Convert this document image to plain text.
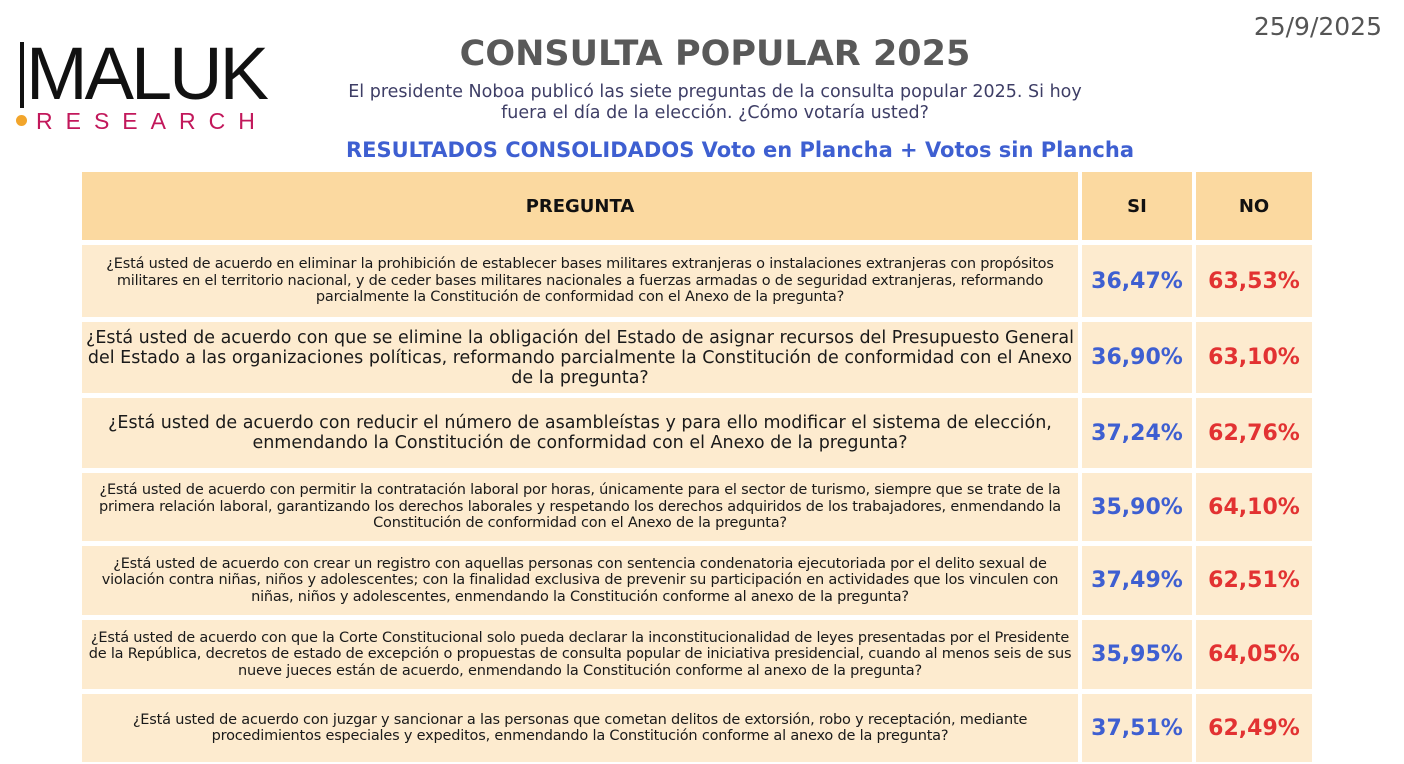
25/9/2025
MALUK
RESEARCH
CONSULTA POPULAR 2025
El presidente Noboa publicó las siete preguntas de la consulta popular 2025. Si hoy fuera el día de la elección. ¿Cómo votaría usted?
RESULTADOS CONSOLIDADOS Voto en Plancha + Votos sin Plancha
PREGUNTA	SI	NO
¿Está usted de acuerdo en eliminar la prohibición de establecer bases militares extranjeras o instalaciones extranjeras con propósitos militares en el territorio nacional, y de ceder bases militares nacionales a fuerzas armadas o de seguridad extranjeras, reformando parcialmente la Constitución de conformidad con el Anexo de la pregunta?
36,47% 63,53%
¿Está usted de acuerdo con que se elimine la obligación del Estado de asignar recursos del Presupuesto General del Estado a las organizaciones políticas, reformando parcialmente la Constitución de conformidad con el Anexo de la pregunta?
36,90% 63,10%
¿Está usted de acuerdo con reducir el número de asambleístas y para ello modificar el sistema de elección, enmendando la Constitución de conformidad con el Anexo de la pregunta?	37,24% 62,76%
¿Está usted de acuerdo con permitir la contratación laboral por horas, únicamente para el sector de turismo, siempre que se trate de la primera relación laboral, garantizando los derechos laborales y respetando los derechos adquiridos de los trabajadores, enmendando la Constitución de conformidad con el Anexo de la pregunta?
35,90% 64,10%
¿Está usted de acuerdo con crear un registro con aquellas personas con sentencia condenatoria ejecutoriada por el delito sexual de violación contra niñas, niños y adolescentes; con la finalidad exclusiva de prevenir su participación en actividades que los vinculen con niñas, niños y adolescentes, enmendando la Constitución conforme al anexo de la pregunta?
37,49% 62,51%
¿Está usted de acuerdo con que la Corte Constitucional solo pueda declarar la inconstitucionalidad de leyes presentadas por el Presidente de la República, decretos de estado de excepción o propuestas de consulta popular de iniciativa presidencial, cuando al menos seis de sus nueve jueces están de acuerdo, enmendando la Constitución conforme al anexo de la pregunta?
35,95% 64,05%
¿Está usted de acuerdo con juzgar y sancionar a las personas que cometan delitos de extorsión, robo y receptación, mediante procedimientos especiales y expeditos, enmendando la Constitución conforme al anexo de la pregunta?	37,51% 62,49%
